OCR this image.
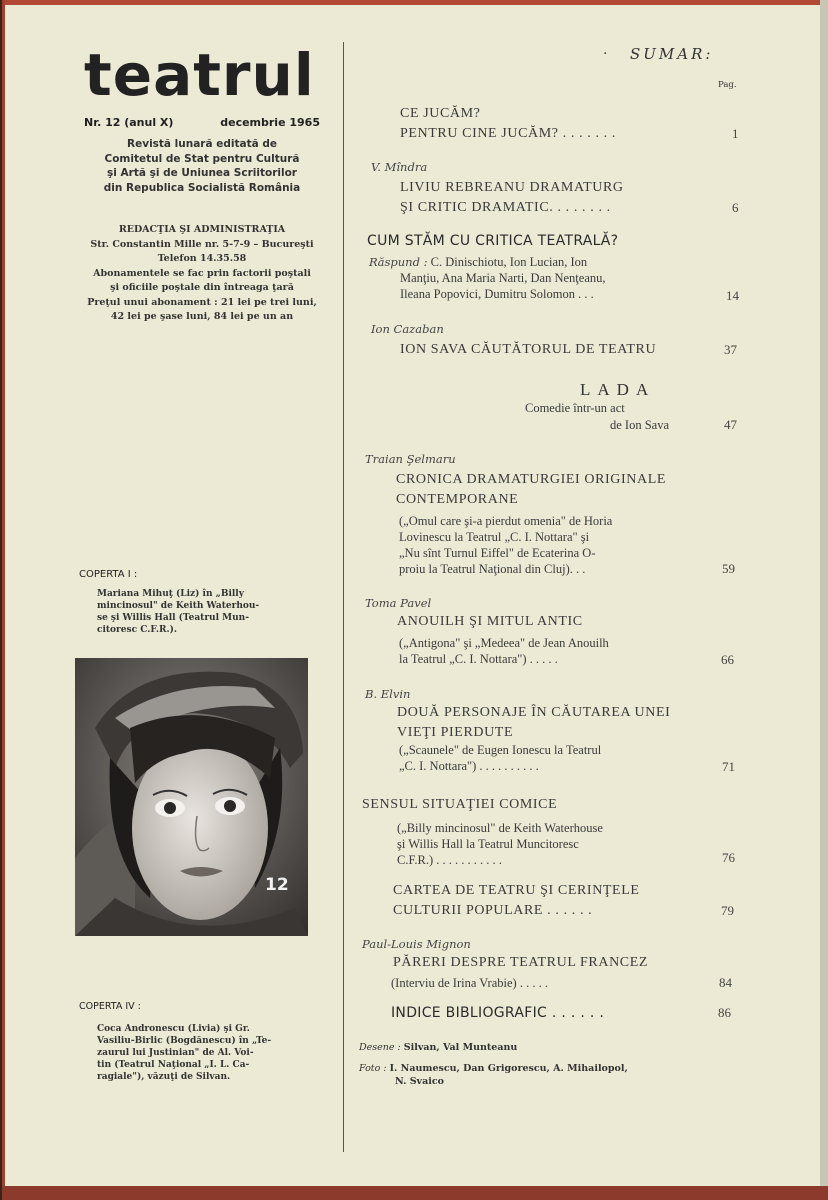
teatrul
Nr. 12 (anul X)	decembrie 1965
Revistă lunară editată de
Comitetul de Stat pentru Cultură
şi Artă şi de Uniunea Scriitorilor
din Republica Socialistă România
REDACŢIA ŞI ADMINISTRAŢIA
Str. Constantin Mille nr. 5-7-9 – Bucureşti
Telefon 14.35.58
Abonamentele se fac prin factorii poştali
şi oficiile poştale din întreaga ţară
Preţul unui abonament : 21 lei pe trei luni,
42 lei pe şase luni, 84 lei pe un an
COPERTA I :
Mariana Mihuţ (Liz) în „Billy
mincinosul" de Keith Waterhou-
se şi Willis Hall (Teatrul Mun-
citoresc C.F.R.).
12
COPERTA IV :
Coca Andronescu (Livia) şi Gr.
Vasiliu-Birlic (Bogdănescu) în „Te-
zaurul lui Justinian" de Al. Voi-
tin (Teatrul Naţional „I. L. Ca-
ragiale"), văzuţi de Silvan.
· SUMAR:
Pag.
CE JUCĂM?
PENTRU CINE JUCĂM? . . . . . . .	1
V. Mîndra
LIVIU REBREANU DRAMATURG
ŞI CRITIC DRAMATIC. . . . . . . .	6
CUM STĂM CU CRITICA TEATRALĂ?
Răspund : C. Dinischiotu, Ion Lucian, Ion
Manţiu, Ana Maria Narti, Dan Nenţeanu,
Ileana Popovici, Dumitru Solomon . . .	14
Ion Cazaban
ION SAVA CĂUTĂTORUL DE TEATRU	37
LADA
Comedie într-un act
de Ion Sava	47
Traian Şelmaru
CRONICA DRAMATURGIEI ORIGINALE
CONTEMPORANE
(„Omul care şi-a pierdut omenia" de Horia
Lovinescu la Teatrul „C. I. Nottara" şi
„Nu sînt Turnul Eiffel" de Ecaterina O-
proiu la Teatrul Naţional din Cluj). . .	59
Toma Pavel
ANOUILH ŞI MITUL ANTIC
(„Antigona" şi „Medeea" de Jean Anouilh
la Teatrul „C. I. Nottara") . . . . .	66
B. Elvin
DOUĂ PERSONAJE ÎN CĂUTAREA UNEI
VIEŢI PIERDUTE
(„Scaunele" de Eugen Ionescu la Teatrul
„C. I. Nottara") . . . . . . . . . .	71
SENSUL SITUAŢIEI COMICE
(„Billy mincinosul" de Keith Waterhouse
şi Willis Hall la Teatrul Muncitoresc
C.F.R.) . . . . . . . . . . .	76
CARTEA DE TEATRU ŞI CERINŢELE
CULTURII POPULARE . . . . . .	79
Paul-Louis Mignon
PĂRERI DESPRE TEATRUL FRANCEZ
(Interviu de Irina Vrabie) . . . . .	84
INDICE BIBLIOGRAFIC . . . . . .	86
Desene : Silvan, Val Munteanu
Foto : I. Naumescu, Dan Grigorescu, A. Mihailopol,
N. Svaico
